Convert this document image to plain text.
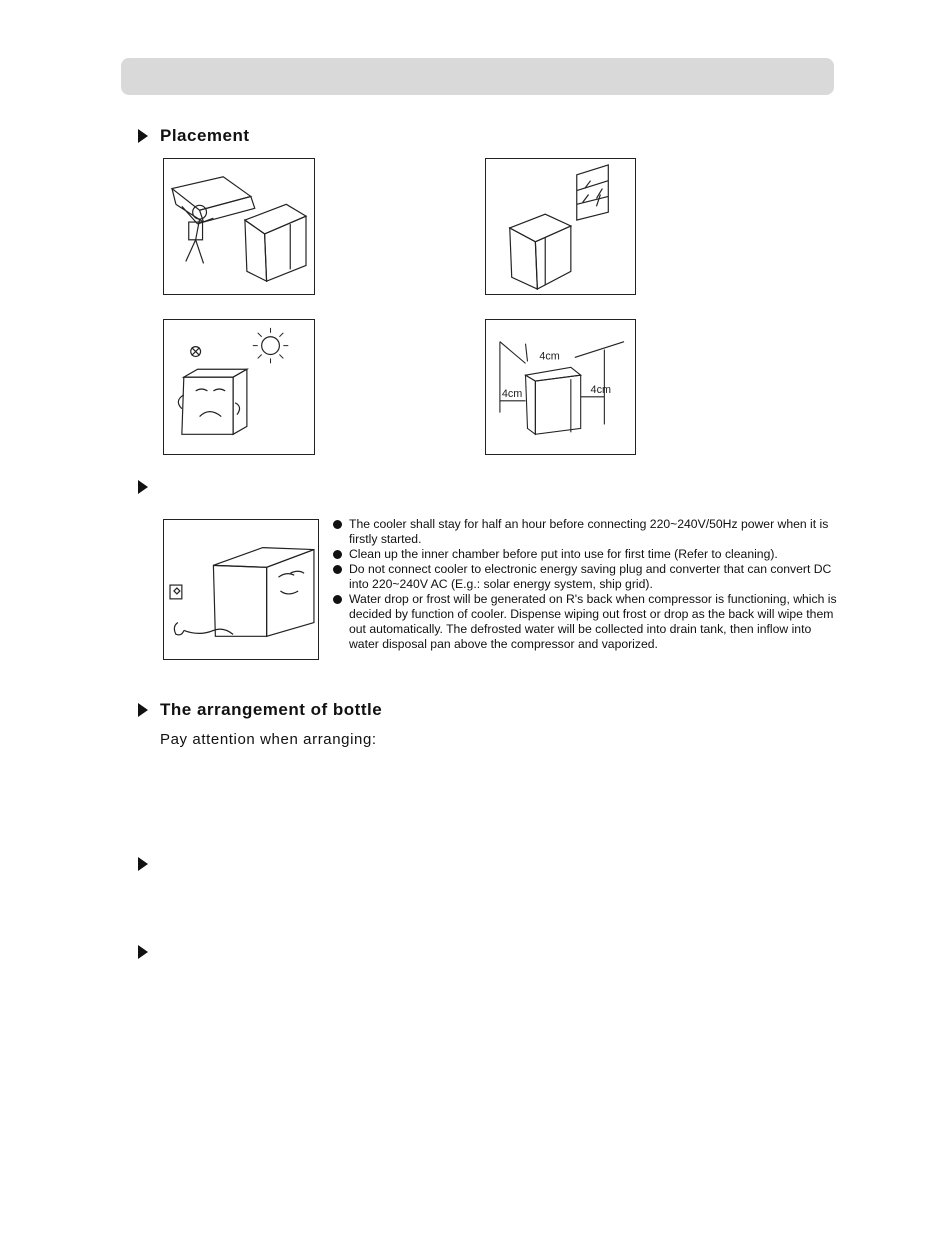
Placement
4cm
4cm	4cm
The cooler shall stay for half an hour before connecting 220~240V/50Hz power when it is firstly started.
Clean up the inner chamber before put into use for first time (Refer to cleaning).
Do not connect cooler to electronic energy saving plug and converter that can convert DC into 220~240V AC (E.g.: solar energy system, ship grid).
Water drop or frost will be generated on R's back when compressor is functioning, which is decided by function of cooler. Dispense wiping out frost or drop as the back will wipe them out automatically. The defrosted water will be collected into drain tank, then inflow into water disposal pan above the compressor and vaporized.
The arrangement of bottle
Pay attention when arranging:
